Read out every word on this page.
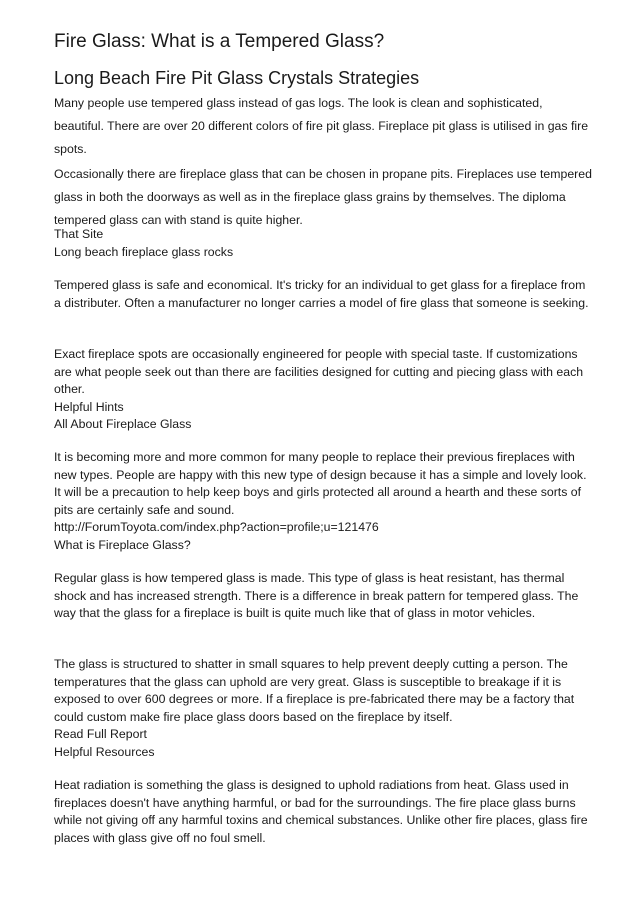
Fire Glass: What is a Tempered Glass?
Long Beach Fire Pit Glass Crystals Strategies

Many people use tempered glass instead of gas logs. The look is clean and sophisticated, beautiful. There are over 20 different colors of fire pit glass. Fireplace pit glass is utilised in gas fire spots.

Occasionally there are fireplace glass that can be chosen in propane pits. Fireplaces use tempered glass in both the doorways as well as in the fireplace glass grains by themselves. The diploma tempered glass can with stand is quite higher.

That Site
Long beach fireplace glass rocks

Tempered glass is safe and economical. It's tricky for an individual to get glass for a fireplace from a distributer. Often a manufacturer no longer carries a model of fire glass that someone is seeking.

Exact fireplace spots are occasionally engineered for people with special taste. If customizations are what people seek out than there are facilities designed for cutting and piecing glass with each other.

Helpful Hints
All About Fireplace Glass

It is becoming more and more common for many people to replace their previous fireplaces with new types. People are happy with this new type of design because it has a simple and lovely look. It will be a precaution to help keep boys and girls protected all around a hearth and these sorts of pits are certainly safe and sound.

http://ForumToyota.com/index.php?action=profile;u=121476
What is Fireplace Glass?

Regular glass is how tempered glass is made. This type of glass is heat resistant, has thermal shock and has increased strength. There is a difference in break pattern for tempered glass. The way that the glass for a fireplace is built is quite much like that of glass in motor vehicles.

The glass is structured to shatter in small squares to help prevent deeply cutting a person. The temperatures that the glass can uphold are very great. Glass is susceptible to breakage if it is exposed to over 600 degrees or more. If a fireplace is pre-fabricated there may be a factory that could custom make fire place glass doors based on the fireplace by itself.

Read Full Report
Helpful Resources

Heat radiation is something the glass is designed to uphold radiations from heat. Glass used in fireplaces doesn't have anything harmful, or bad for the surroundings. The fire place glass burns while not giving off any harmful toxins and chemical substances. Unlike other fire places, glass fire places with glass give off no foul smell.
